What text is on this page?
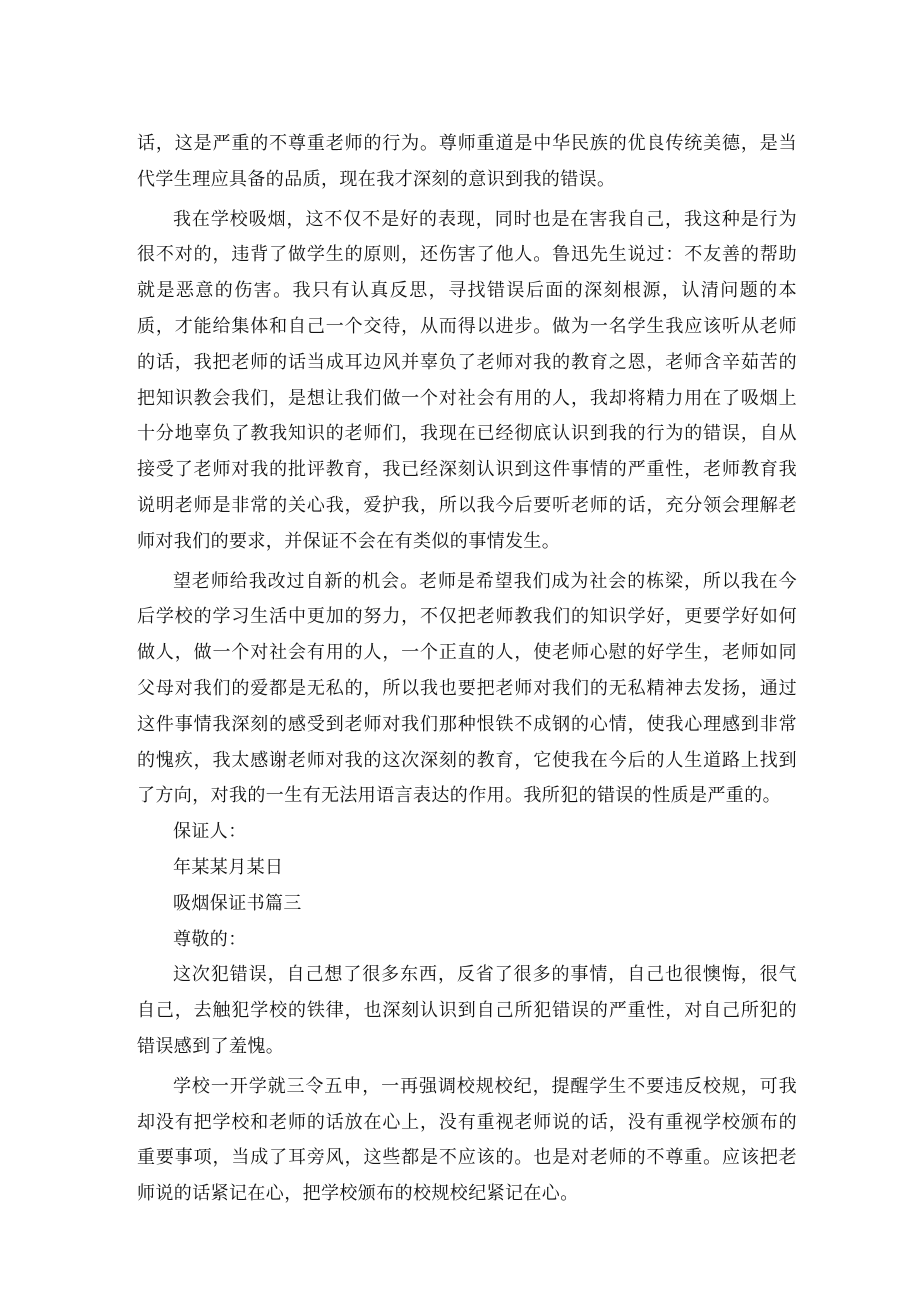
话，这是严重的不尊重老师的行为。尊师重道是中华民族的优良传统美德，是当代学生理应具备的品质，现在我才深刻的意识到我的错误。

我在学校吸烟，这不仅不是好的表现，同时也是在害我自己，我这种是行为很不对的，违背了做学生的原则，还伤害了他人。鲁迅先生说过：不友善的帮助就是恶意的伤害。我只有认真反思，寻找错误后面的深刻根源，认清问题的本质，才能给集体和自己一个交待，从而得以进步。做为一名学生我应该听从老师的话，我把老师的话当成耳边风并辜负了老师对我的教育之恩，老师含辛茹苦的把知识教会我们，是想让我们做一个对社会有用的人，我却将精力用在了吸烟上十分地辜负了教我知识的老师们，我现在已经彻底认识到我的行为的错误，自从接受了老师对我的批评教育，我已经深刻认识到这件事情的严重性，老师教育我说明老师是非常的关心我，爱护我，所以我今后要听老师的话，充分领会理解老师对我们的要求，并保证不会在有类似的事情发生。

望老师给我改过自新的机会。老师是希望我们成为社会的栋梁，所以我在今后学校的学习生活中更加的努力，不仅把老师教我们的知识学好，更要学好如何做人，做一个对社会有用的人，一个正直的人，使老师心慰的好学生，老师如同父母对我们的爱都是无私的，所以我也要把老师对我们的无私精神去发扬，通过这件事情我深刻的感受到老师对我们那种恨铁不成钢的心情，使我心理感到非常的愧疚，我太感谢老师对我的这次深刻的教育，它使我在今后的人生道路上找到了方向，对我的一生有无法用语言表达的作用。我所犯的错误的性质是严重的。

保证人：

年某某月某日

吸烟保证书篇三

尊敬的：

这次犯错误，自己想了很多东西，反省了很多的事情，自己也很懊悔，很气自己，去触犯学校的铁律，也深刻认识到自己所犯错误的严重性，对自己所犯的错误感到了羞愧。

学校一开学就三令五申，一再强调校规校纪，提醒学生不要违反校规，可我却没有把学校和老师的话放在心上，没有重视老师说的话，没有重视学校颁布的重要事项，当成了耳旁风，这些都是不应该的。也是对老师的不尊重。应该把老师说的话紧记在心，把学校颁布的校规校纪紧记在心。
